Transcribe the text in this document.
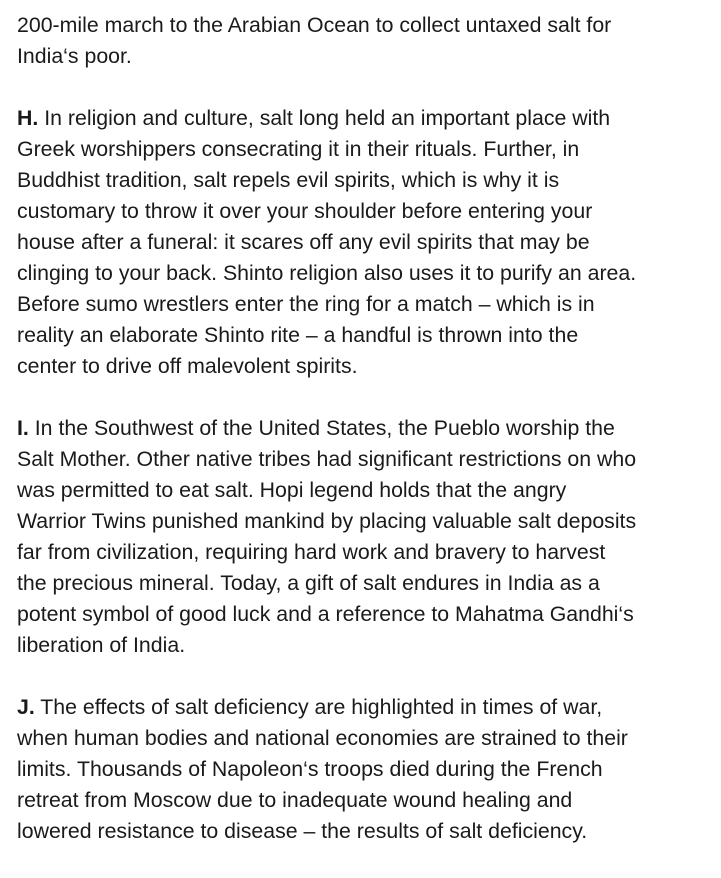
200-mile march to the Arabian Ocean to collect untaxed salt for
India‘s poor.
H. In religion and culture, salt long held an important place with
Greek worshippers consecrating it in their rituals. Further, in
Buddhist tradition, salt repels evil spirits, which is why it is
customary to throw it over your shoulder before entering your
house after a funeral: it scares off any evil spirits that may be
clinging to your back. Shinto religion also uses it to purify an area.
Before sumo wrestlers enter the ring for a match – which is in
reality an elaborate Shinto rite – a handful is thrown into the
center to drive off malevolent spirits.
I. In the Southwest of the United States, the Pueblo worship the
Salt Mother. Other native tribes had significant restrictions on who
was permitted to eat salt. Hopi legend holds that the angry
Warrior Twins punished mankind by placing valuable salt deposits
far from civilization, requiring hard work and bravery to harvest
the precious mineral. Today, a gift of salt endures in India as a
potent symbol of good luck and a reference to Mahatma Gandhi‘s
liberation of India.
J. The effects of salt deficiency are highlighted in times of war,
when human bodies and national economies are strained to their
limits. Thousands of Napoleon‘s troops died during the French
retreat from Moscow due to inadequate wound healing and
lowered resistance to disease – the results of salt deficiency.
